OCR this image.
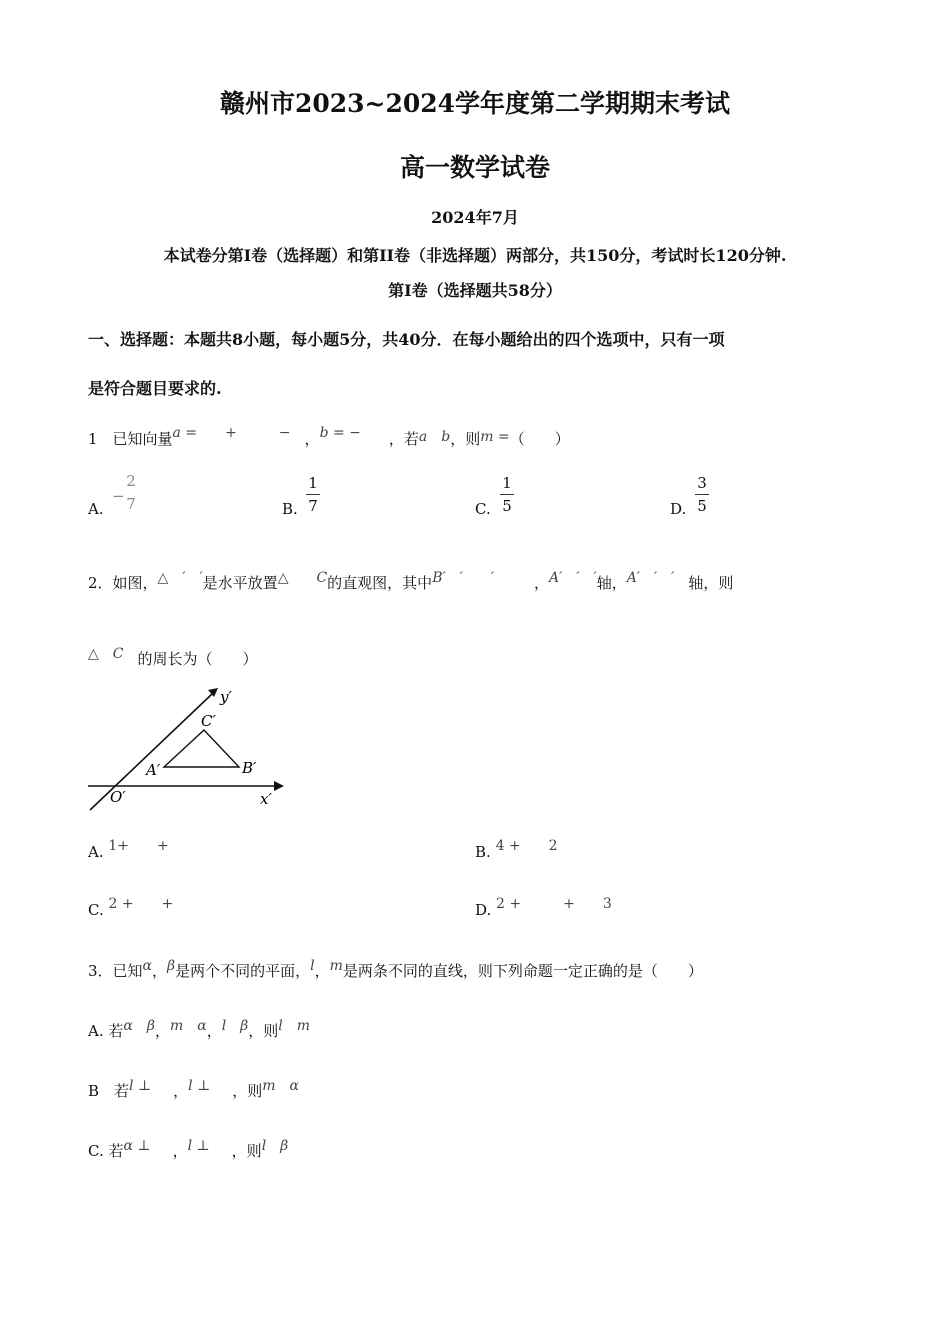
赣州市2023~2024学年度第二学期期末考试
高一数学试卷
2024年7月
本试卷分第I卷（选择题）和第II卷（非选择题）两部分，共150分，考试时长120分钟.
第I卷（选择题共58分）
一、选择题：本题共8小题，每小题5分，共40分．在每小题给出的四个选项中，只有一项
是符合题目要求的.
1　已知向量a =　　+　　　−　，b = −　　，若a　b，则m =（　　）
A.
−
2
7	B.
1
7	C.
1
5	D.
3
5
2．如图，△　′　′是水平放置△　　C的直观图，其中B′　′　　′	，A′　′　′轴，A′　′　′ 轴，则
△　C 的周长为（　　）
y′
C′
A′	B′
O′	x′
A. 1+　　+	B. 4 +　　2
C. 2 +　　+	D. 2 +　　　+　　3
3．已知α，β是两个不同的平面，l，m是两条不同的直线，则下列命题一定正确的是（　　）
A. 若α　β，m　α，l　β，则l　m
B　若l ⊥ ，l ⊥ ，则m　α
C. 若α ⊥ ，l ⊥ ，则l　β
